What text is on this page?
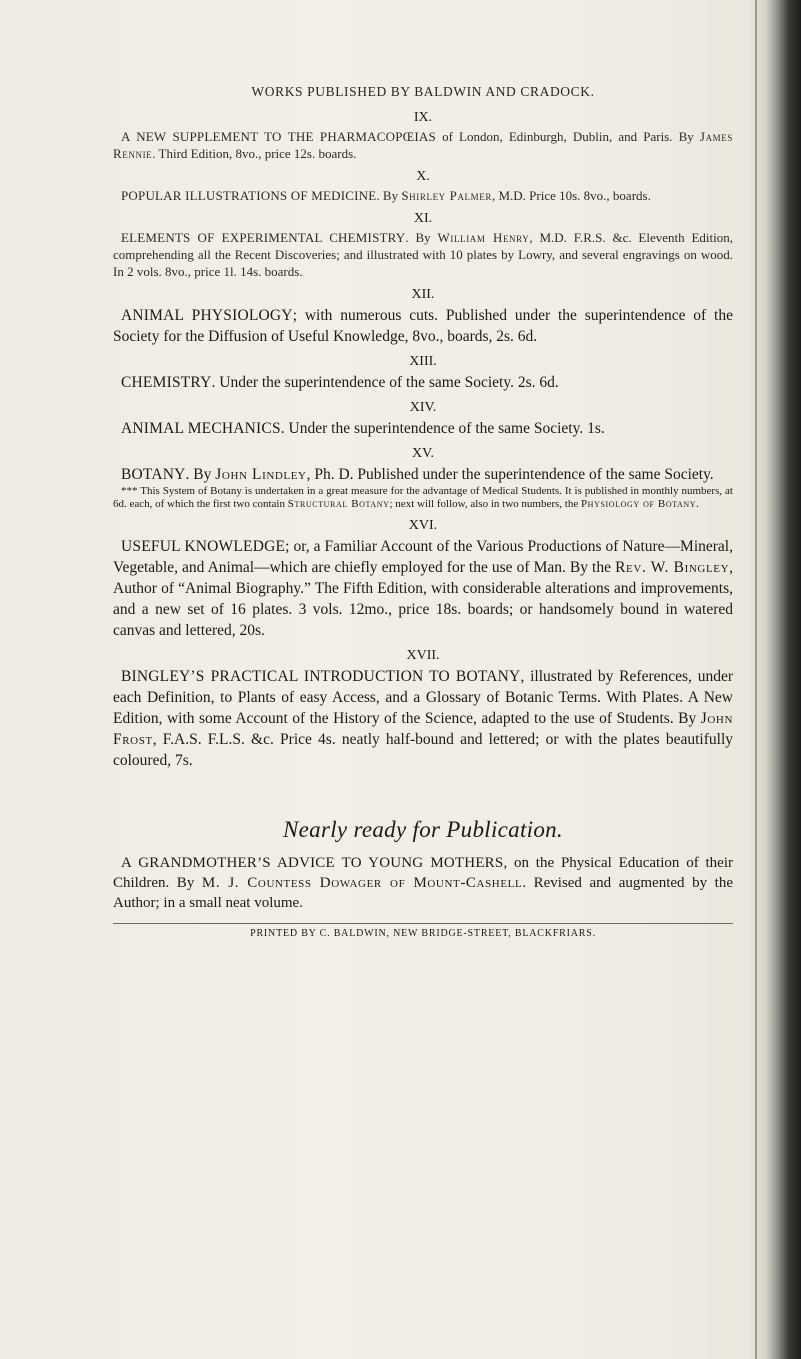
WORKS PUBLISHED BY BALDWIN AND CRADOCK.
IX.

A NEW SUPPLEMENT TO THE PHARMACOPŒIAS of London, Edinburgh, Dublin, and Paris. By James Rennie. Third Edition, 8vo., price 12s. boards.

X.

POPULAR ILLUSTRATIONS OF MEDICINE. By Shirley Palmer, M.D. Price 10s. 8vo., boards.

XI.

ELEMENTS OF EXPERIMENTAL CHEMISTRY. By William Henry, M.D. F.R.S. &c. Eleventh Edition, comprehending all the Recent Discoveries; and illustrated with 10 plates by Lowry, and several engravings on wood. In 2 vols. 8vo., price 1l. 14s. boards.

XII.

ANIMAL PHYSIOLOGY; with numerous cuts. Published under the superintendence of the Society for the Diffusion of Useful Knowledge, 8vo., boards, 2s. 6d.

XIII.

CHEMISTRY. Under the superintendence of the same Society. 2s. 6d.

XIV.

ANIMAL MECHANICS. Under the superintendence of the same Society. 1s.

XV.

BOTANY. By John Lindley, Ph. D. Published under the superintendence of the same Society.

*** This System of Botany is undertaken in a great measure for the advantage of Medical Students. It is published in monthly numbers, at 6d. each, of which the first two contain Structural Botany; next will follow, also in two numbers, the Physiology of Botany.

XVI.

USEFUL KNOWLEDGE; or, a Familiar Account of the Various Productions of Nature—Mineral, Vegetable, and Animal—which are chiefly employed for the use of Man. By the Rev. W. Bingley, Author of “Animal Biography.” The Fifth Edition, with considerable alterations and improvements, and a new set of 16 plates. 3 vols. 12mo., price 18s. boards; or handsomely bound in watered canvas and lettered, 20s.

XVII.

BINGLEY’S PRACTICAL INTRODUCTION TO BOTANY, illustrated by References, under each Definition, to Plants of easy Access, and a Glossary of Botanic Terms. With Plates. A New Edition, with some Account of the History of the Science, adapted to the use of Students. By John Frost, F.A.S. F.L.S. &c. Price 4s. neatly half-bound and lettered; or with the plates beautifully coloured, 7s.

Nearly ready for Publication.

A GRANDMOTHER’S ADVICE TO YOUNG MOTHERS, on the Physical Education of their Children. By M. J. Countess Dowager of Mount-Cashell. Revised and augmented by the Author; in a small neat volume.

PRINTED BY C. BALDWIN, NEW BRIDGE-STREET, BLACKFRIARS.
